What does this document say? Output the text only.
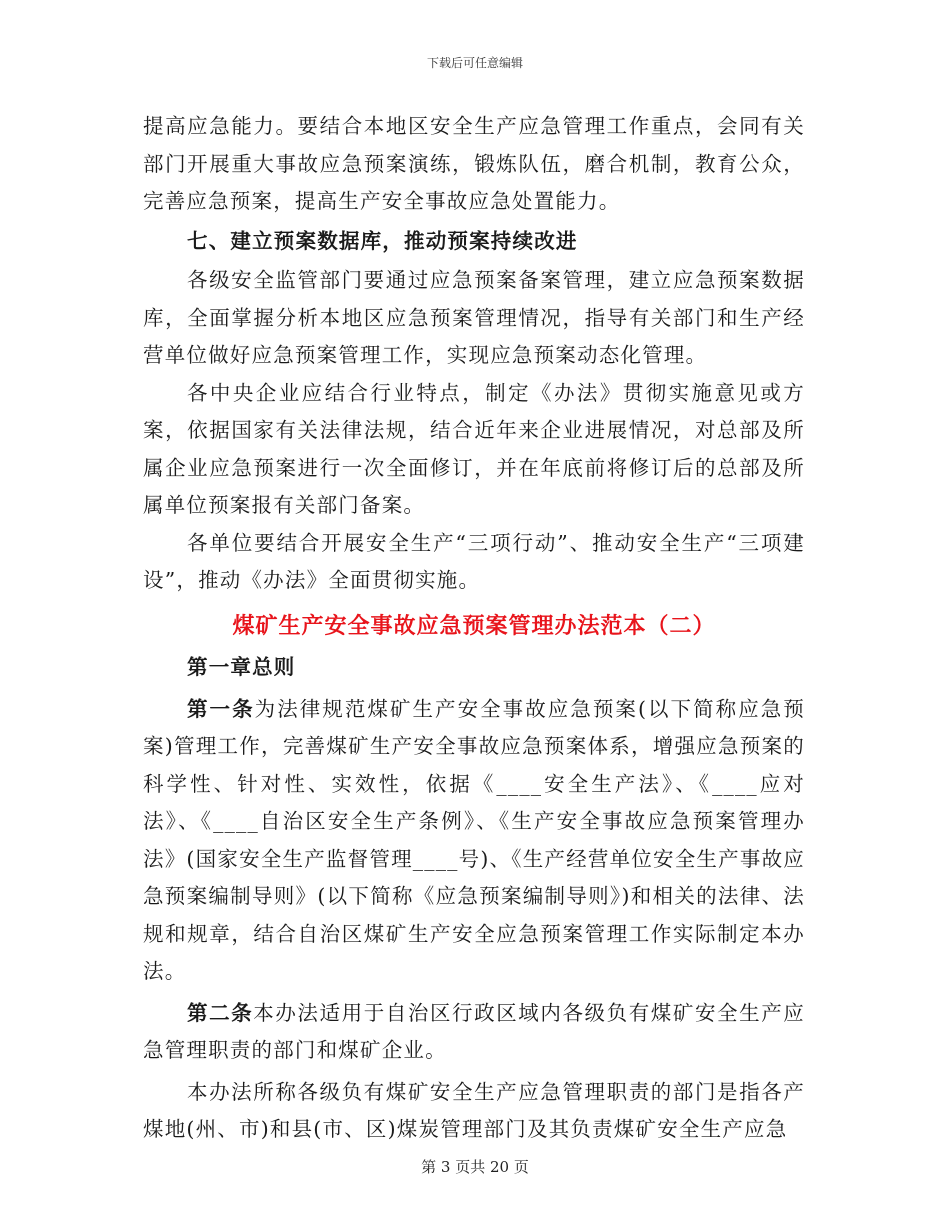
下载后可任意编辑

提高应急能力。要结合本地区安全生产应急管理工作重点，会同有关部门开展重大事故应急预案演练，锻炼队伍，磨合机制，教育公众，完善应急预案，提高生产安全事故应急处置能力。

七、建立预案数据库，推动预案持续改进

各级安全监管部门要通过应急预案备案管理，建立应急预案数据库，全面掌握分析本地区应急预案管理情况，指导有关部门和生产经营单位做好应急预案管理工作，实现应急预案动态化管理。

各中央企业应结合行业特点，制定《办法》贯彻实施意见或方案，依据国家有关法律法规，结合近年来企业进展情况，对总部及所属企业应急预案进行一次全面修订，并在年底前将修订后的总部及所属单位预案报有关部门备案。

各单位要结合开展安全生产“三项行动”、推动安全生产“三项建设”，推动《办法》全面贯彻实施。

煤矿生产安全事故应急预案管理办法范本（二）

第一章总则

第一条为法律规范煤矿生产安全事故应急预案(以下简称应急预案)管理工作，完善煤矿生产安全事故应急预案体系，增强应急预案的科学性、针对性、实效性，依据《____安全生产法》、《____应对法》、《____自治区安全生产条例》、《生产安全事故应急预案管理办法》(国家安全生产监督管理____号)、《生产经营单位安全生产事故应急预案编制导则》(以下简称《应急预案编制导则》)和相关的法律、法规和规章，结合自治区煤矿生产安全应急预案管理工作实际制定本办法。

第二条本办法适用于自治区行政区域内各级负有煤矿安全生产应急管理职责的部门和煤矿企业。

本办法所称各级负有煤矿安全生产应急管理职责的部门是指各产煤地(州、市)和县(市、区)煤炭管理部门及其负责煤矿安全生产应急

第 3 页共 20 页
